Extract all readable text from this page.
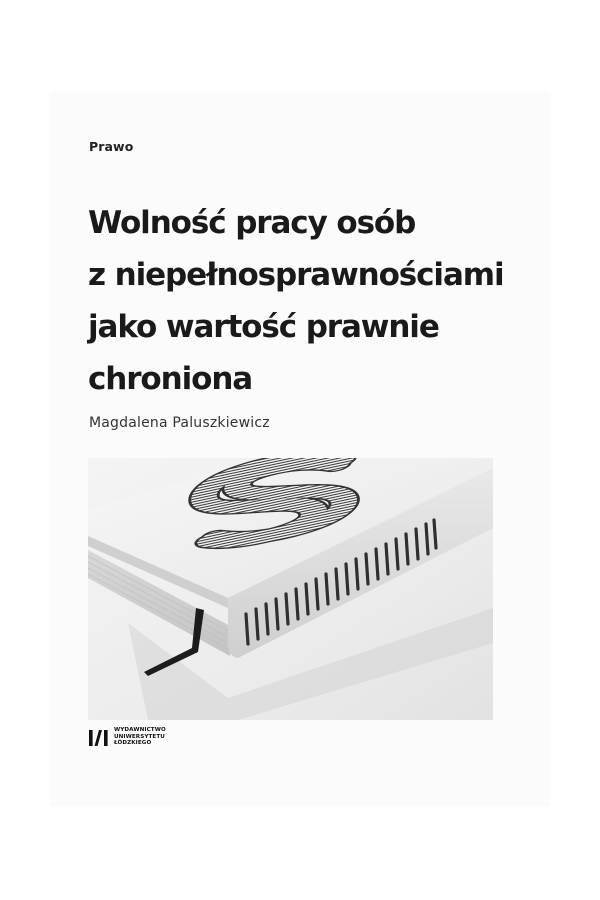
Prawo
Wolność pracy osób
z niepełnosprawnościami
jako wartość prawnie
chroniona
Magdalena Paluszkiewicz
WYDAWNICTWO
UNIWERSYTETU
ŁÓDZKIEGO
